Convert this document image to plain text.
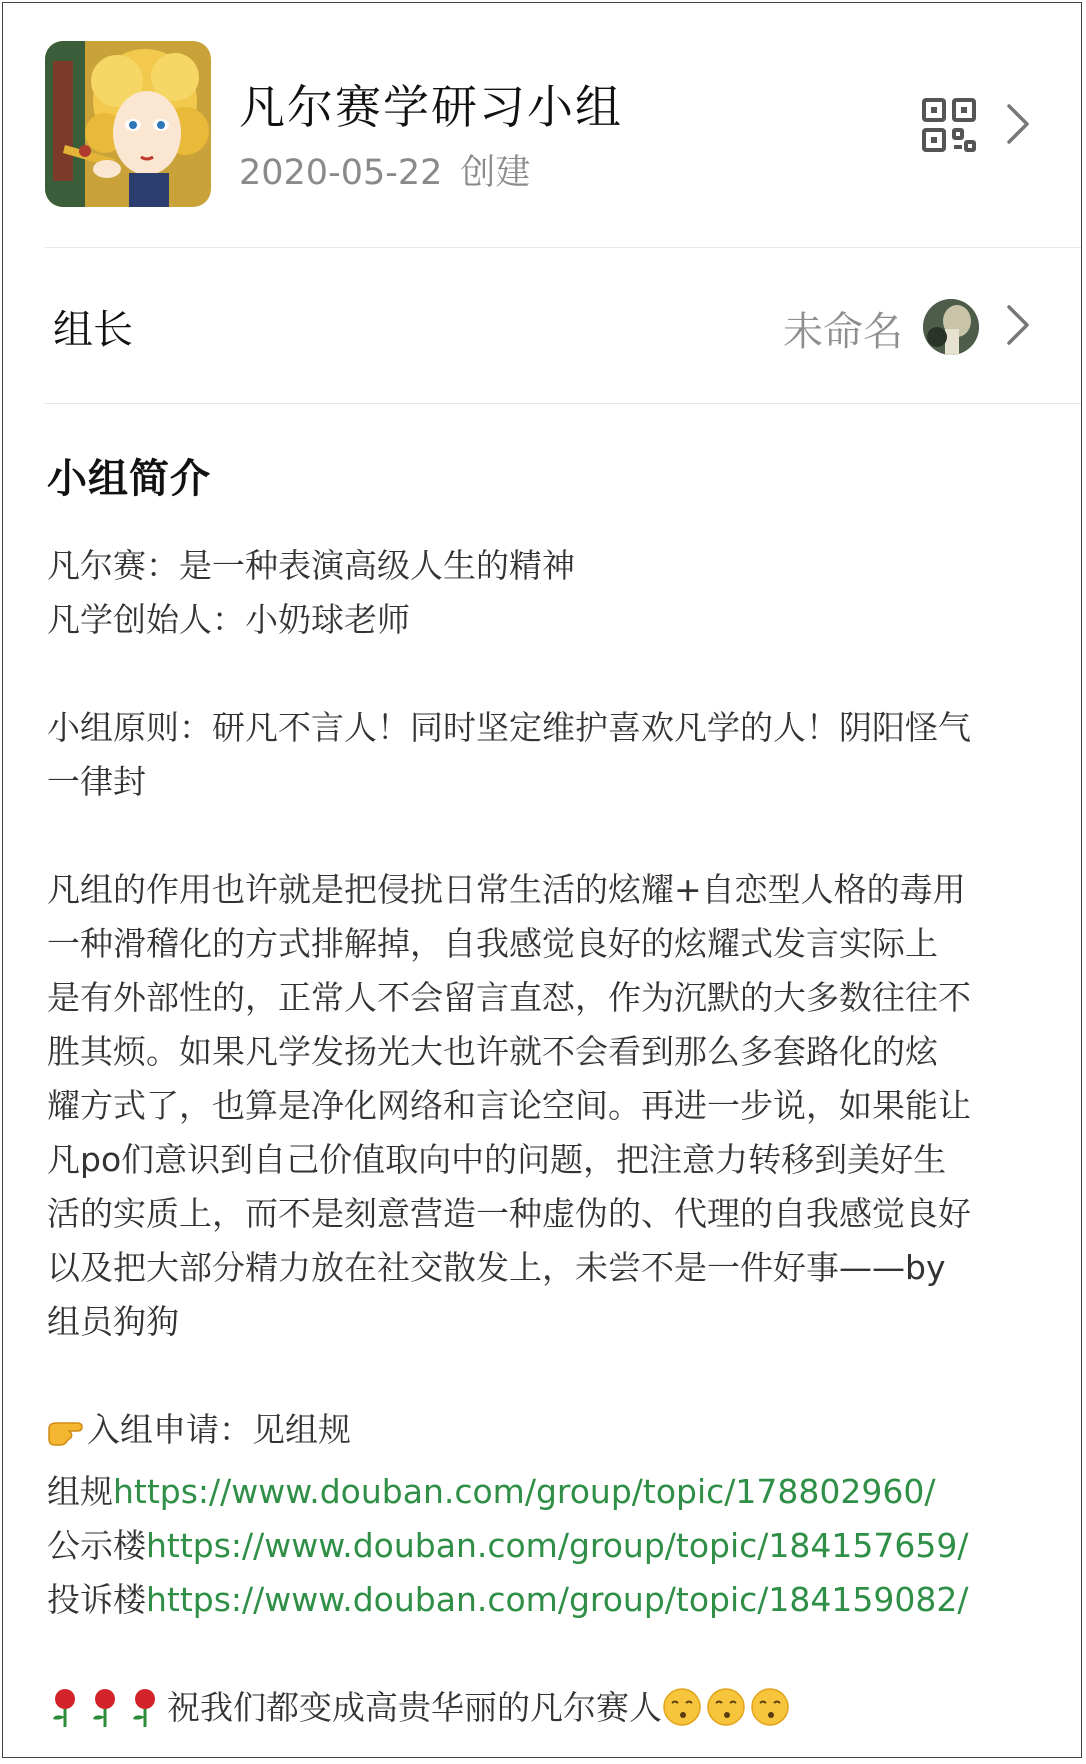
凡尔赛学研习小组
2020-05-22 创建
组长	未命名
小组简介

凡尔赛：是一种表演高级人生的精神

凡学创始人：小奶球老师

小组原则：研凡不言人！同时坚定维护喜欢凡学的人！阴阳怪气

一律封

凡组的作用也许就是把侵扰日常生活的炫耀+自恋型人格的毒用

一种滑稽化的方式排解掉，自我感觉良好的炫耀式发言实际上

是有外部性的，正常人不会留言直怼，作为沉默的大多数往往不

胜其烦。如果凡学发扬光大也许就不会看到那么多套路化的炫

耀方式了，也算是净化网络和言论空间。再进一步说，如果能让

凡po们意识到自己价值取向中的问题，把注意力转移到美好生

活的实质上，而不是刻意营造一种虚伪的、代理的自我感觉良好

以及把大部分精力放在社交散发上，未尝不是一件好事——by

组员狗狗

入组申请：见组规

组规https://www.douban.com/group/topic/178802960/

公示楼https://www.douban.com/group/topic/184157659/

投诉楼https://www.douban.com/group/topic/184159082/

祝我们都变成高贵华丽的凡尔赛人
